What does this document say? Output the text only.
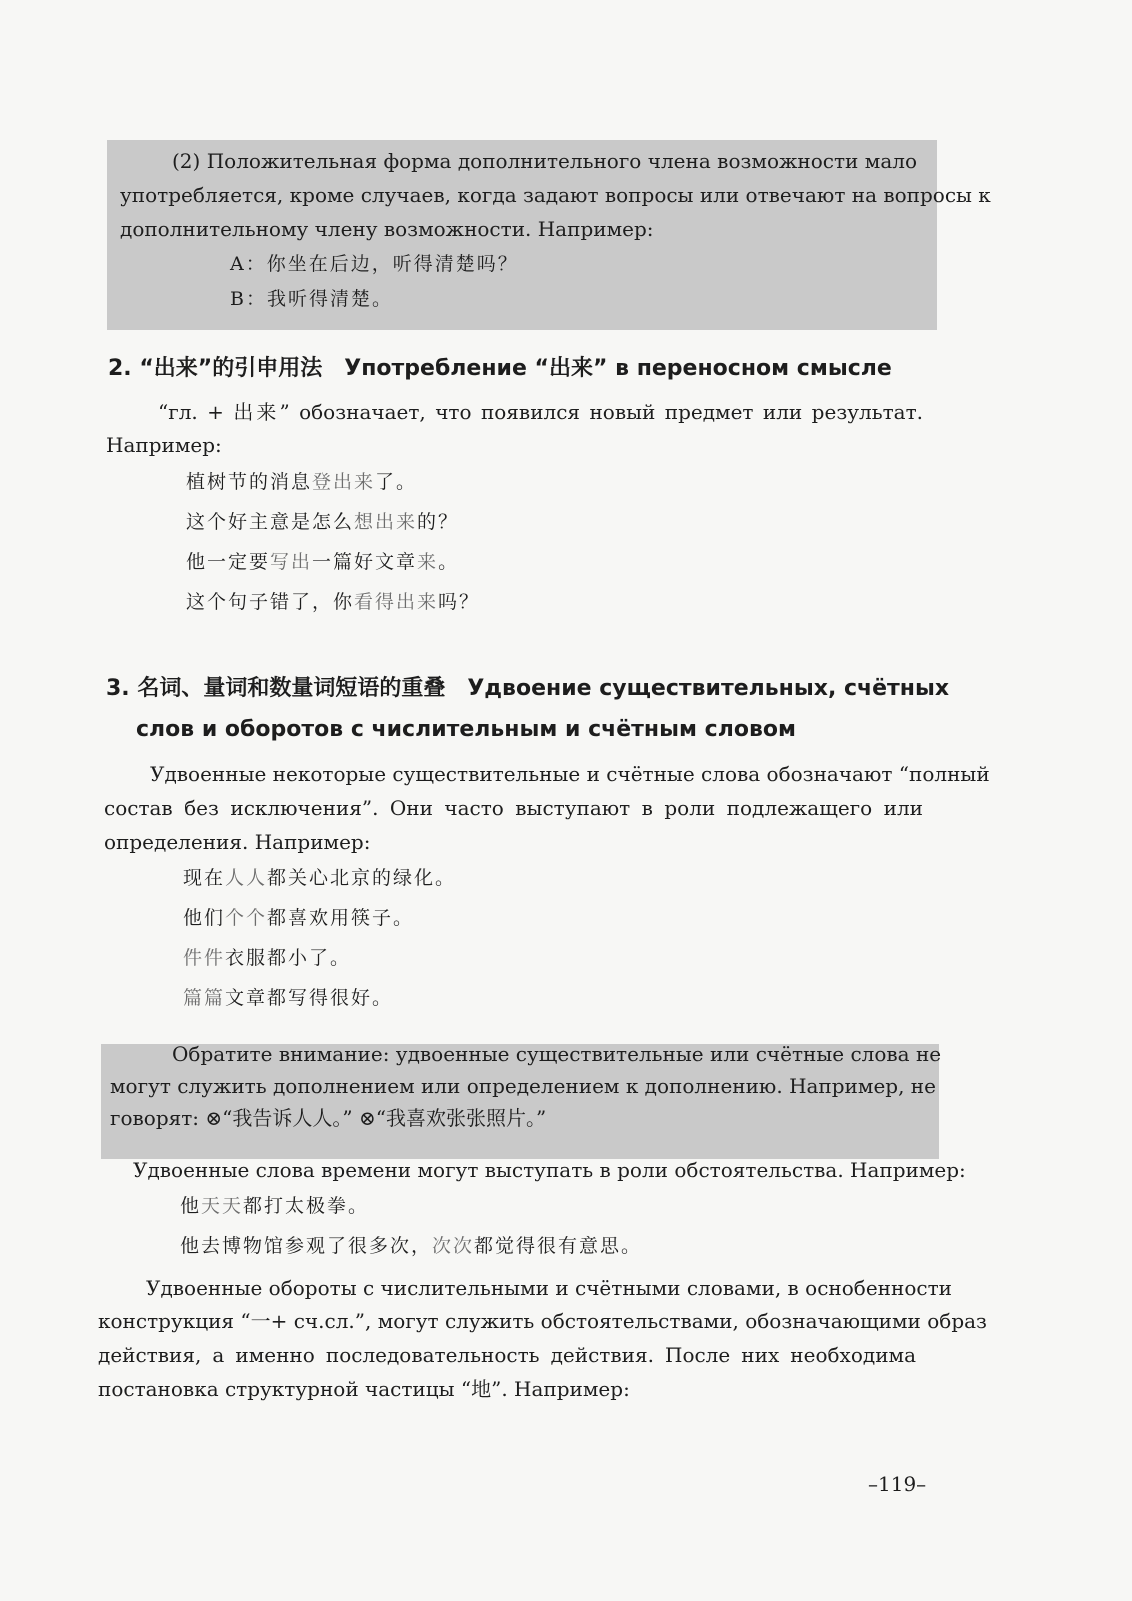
(2) Положительная форма дополнительного члена возможности мало
употребляется, кроме случаев, когда задают вопросы или отвечают на вопросы к
дополнительному члену возможности. Например:
A：你坐在后边，听得清楚吗？
B：我听得清楚。
2. “出来”的引申用法　Употребление “出来” в переносном смысле
“гл. + 出来” обозначает, что появился новый предмет или результат.
Например:
植树节的消息登出来了。
这个好主意是怎么想出来的？
他一定要写出一篇好文章来。
这个句子错了，你看得出来吗？
3. 名词、量词和数量词短语的重叠　Удвоение существительных, счётных
слов и оборотов с числительным и счётным словом
Удвоенные некоторые существительные и счётные слова обозначают “полный
состав без исключения”. Они часто выступают в роли подлежащего или
определения. Например:
现在人人都关心北京的绿化。
他们个个都喜欢用筷子。
件件衣服都小了。
篇篇文章都写得很好。
Обратите внимание: удвоенные существительные или счётные слова не
могут служить дополнением или определением к дополнению. Например, не
говорят: ⊗“我告诉人人。” ⊗“我喜欢张张照片。”
Удвоенные слова времени могут выступать в роли обстоятельства. Например:
他天天都打太极拳。
他去博物馆参观了很多次，次次都觉得很有意思。
Удвоенные обороты с числительными и счётными словами, в оснобенности
конструкция “一+ сч.сл.”, могут служить обстоятельствами, обозначающими образ
действия, а именно последовательность действия. После них необходима
постановка структурной частицы “地”. Например:
–119–
